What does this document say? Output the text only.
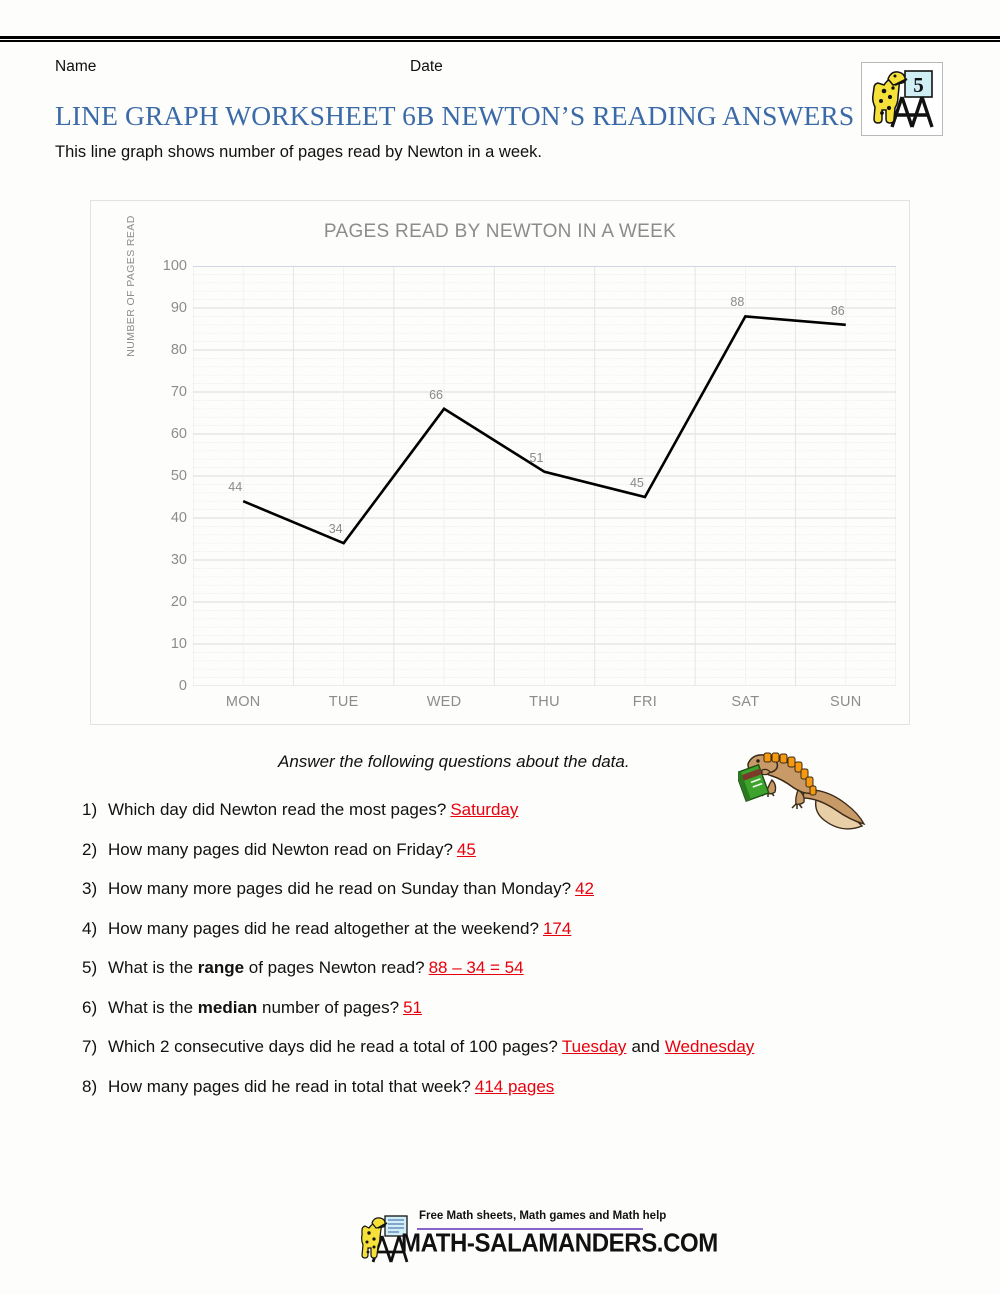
Name	Date
LINE GRAPH WORKSHEET 6B NEWTON’S READING ANSWERS
This line graph shows number of pages read by Newton in a week.
5
PAGES READ BY NEWTON IN A WEEK
NUMBER OF PAGES READ
0
10
20
30
40
50
60
70
80
90
100
44
34
66
51
45
88
86
MON	TUE	WED	THU	FRI	SAT	SUN
Answer the following questions about the data.
1) Which day did Newton read the most pages? Saturday
2) How many pages did Newton read on Friday? 45
3) How many more pages did he read on Sunday than Monday? 42
4) How many pages did he read altogether at the weekend? 174
5) What is the range of pages Newton read? 88 – 34 = 54
6) What is the median number of pages? 51
7) Which 2 consecutive days did he read a total of 100 pages? Tuesday and Wednesday
8) How many pages did he read in total that week? 414 pages
Free Math sheets, Math games and Math help
MATH-SALAMANDERS.COM
